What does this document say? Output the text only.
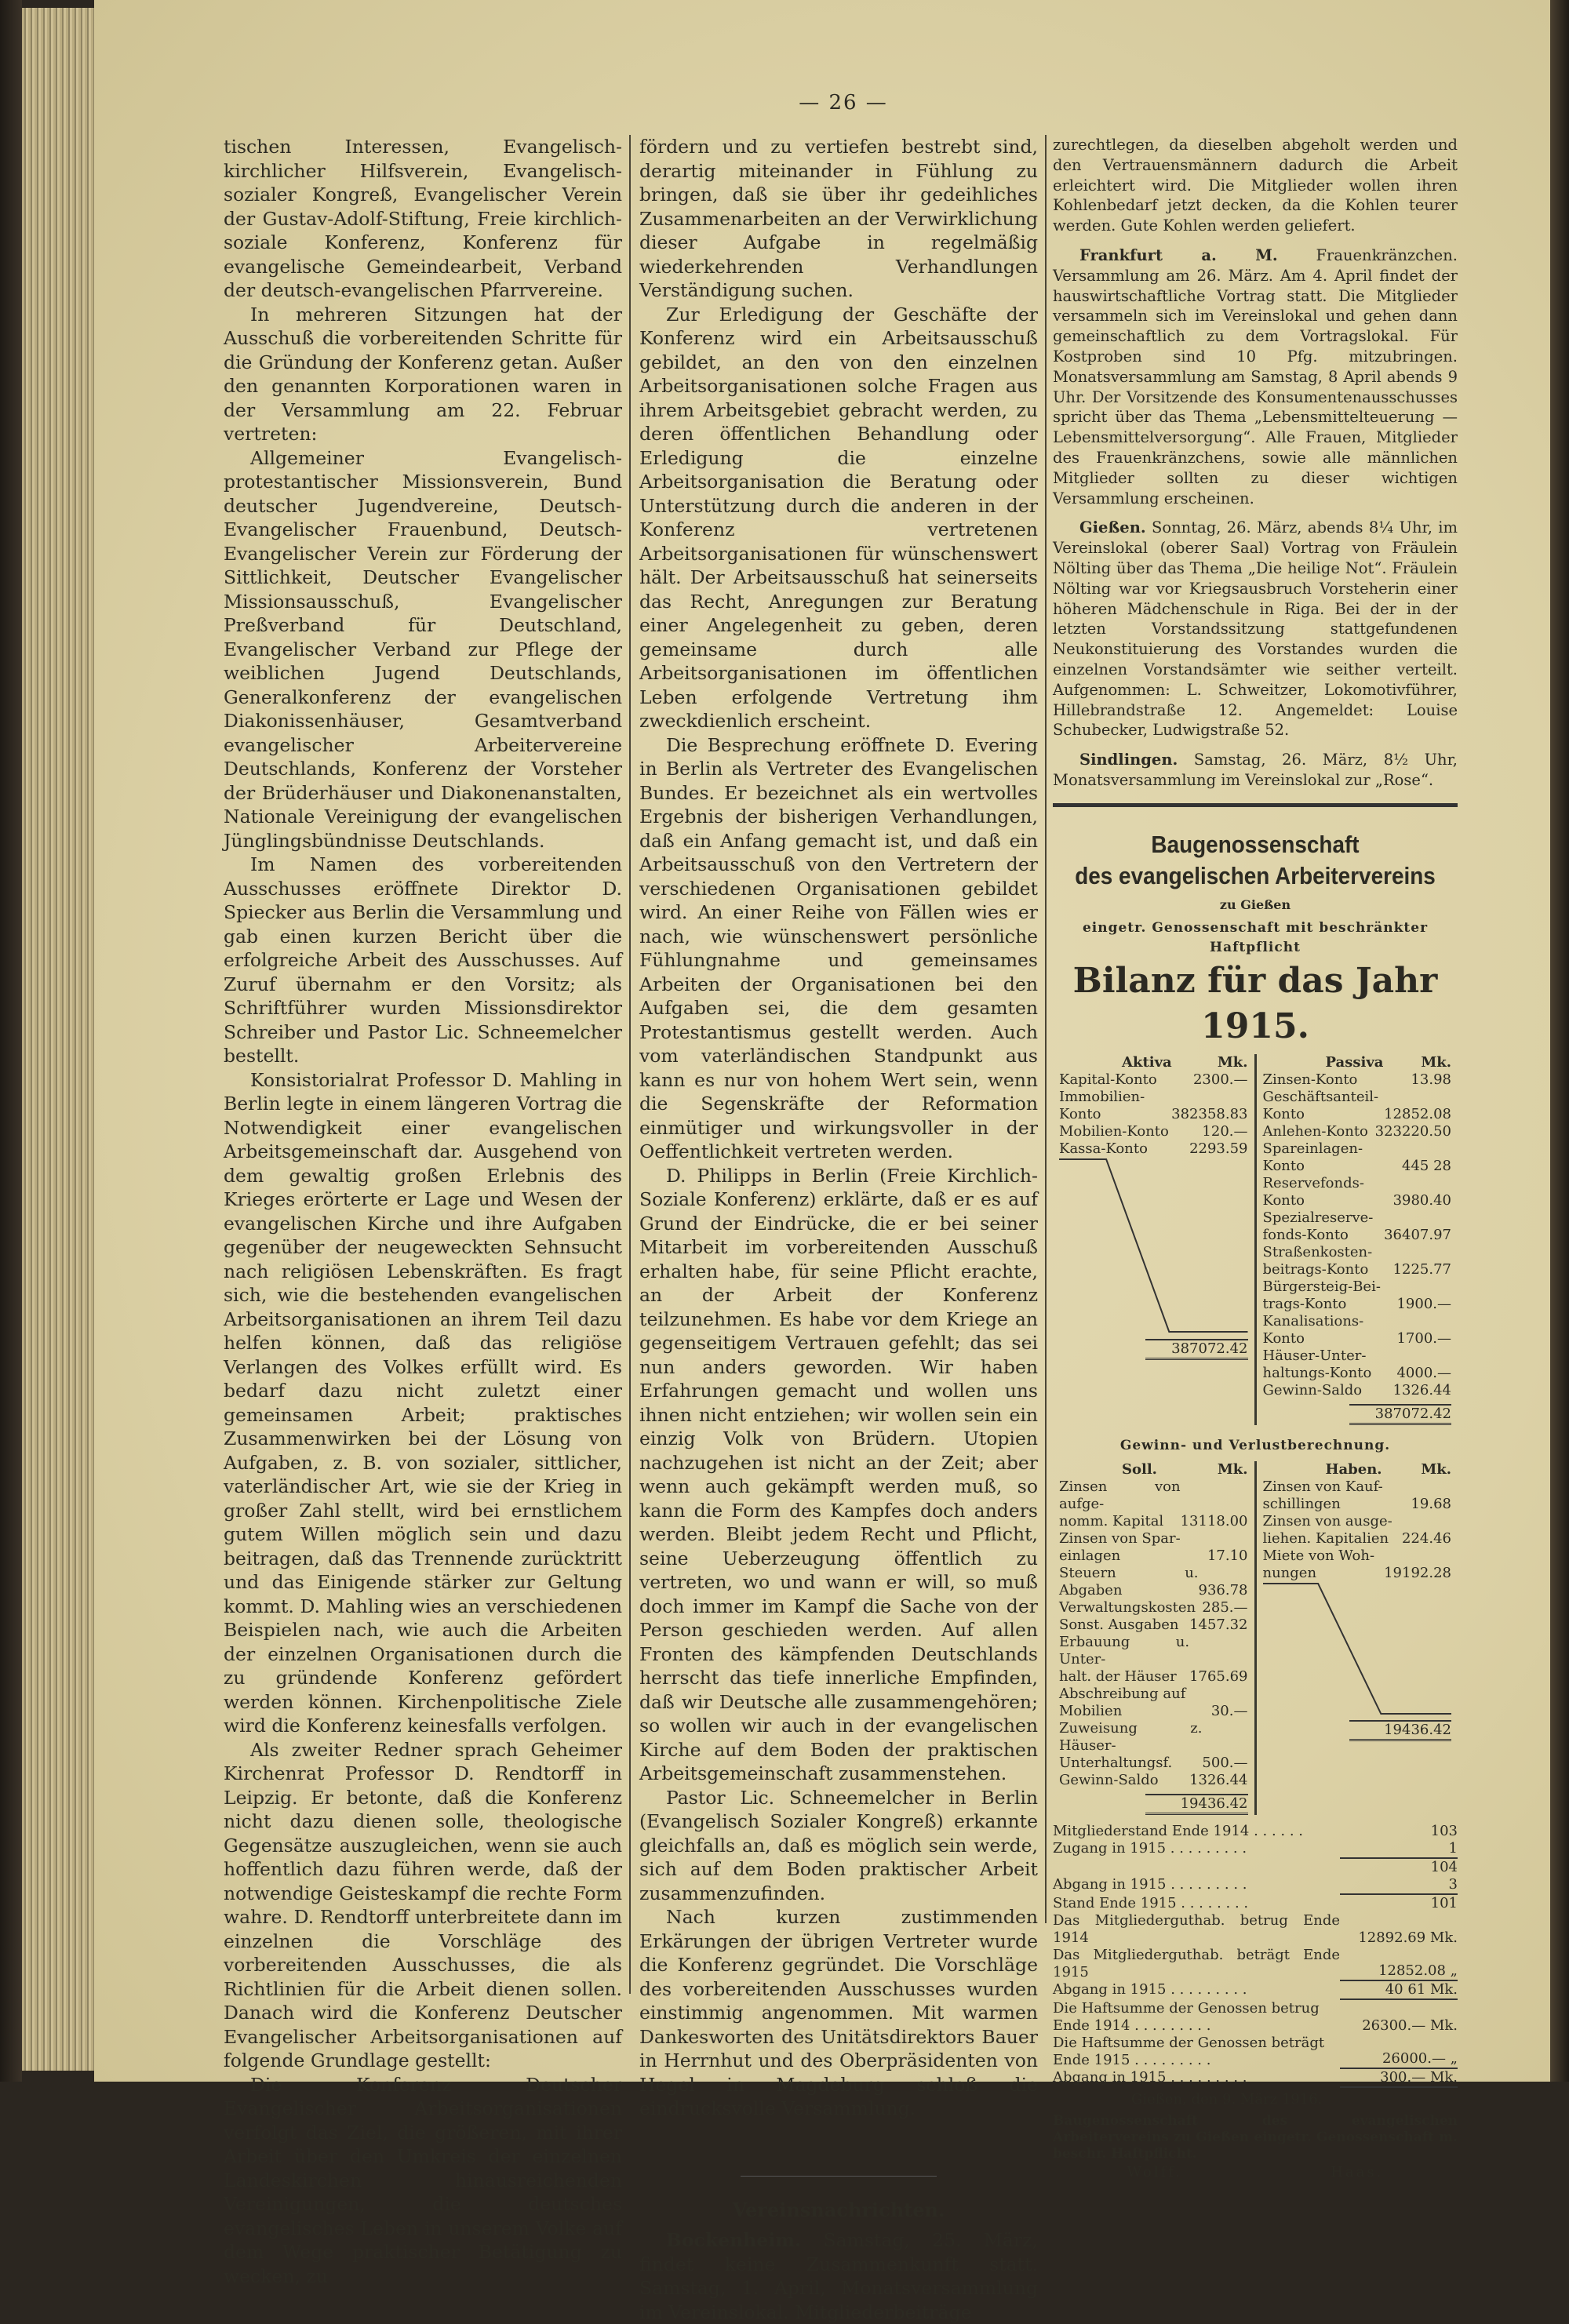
— 26 —

tischen Interessen, Evangelisch-kirchlicher Hilfsverein, Evangelisch-sozialer Kongreß, Evangelischer Verein der Gustav-Adolf-Stiftung, Freie kirchlich-soziale Konferenz, Konferenz für evangelische Gemeindearbeit, Verband der deutsch-evangelischen Pfarrvereine.

In mehreren Sitzungen hat der Ausschuß die vorbereitenden Schritte für die Gründung der Konferenz getan. Außer den genannten Korporationen waren in der Versammlung am 22. Februar vertreten:

Allgemeiner Evangelisch-protestantischer Missionsverein, Bund deutscher Jugendvereine, Deutsch-Evangelischer Frauenbund, Deutsch-Evangelischer Verein zur Förderung der Sittlichkeit, Deutscher Evangelischer Missionsausschuß, Evangelischer Preßverband für Deutschland, Evangelischer Verband zur Pflege der weiblichen Jugend Deutschlands, Generalkonferenz der evangelischen Diakonissenhäuser, Gesamtverband evangelischer Arbeitervereine Deutschlands, Konferenz der Vorsteher der Brüderhäuser und Diakonenanstalten, Nationale Vereinigung der evangelischen Jünglingsbündnisse Deutschlands.

Im Namen des vorbereitenden Ausschusses eröffnete Direktor D. Spiecker aus Berlin die Versammlung und gab einen kurzen Bericht über die erfolgreiche Arbeit des Ausschusses. Auf Zuruf übernahm er den Vorsitz; als Schriftführer wurden Missionsdirektor Schreiber und Pastor Lic. Schneemelcher bestellt.

Konsistorialrat Professor D. Mahling in Berlin legte in einem längeren Vortrag die Notwendigkeit einer evangelischen Arbeitsgemeinschaft dar. Ausgehend von dem gewaltig großen Erlebnis des Krieges erörterte er Lage und Wesen der evangelischen Kirche und ihre Aufgaben gegenüber der neugeweckten Sehnsucht nach religiösen Lebenskräften. Es fragt sich, wie die bestehenden evangelischen Arbeitsorganisationen an ihrem Teil dazu helfen können, daß das religiöse Verlangen des Volkes erfüllt wird. Es bedarf dazu nicht zuletzt einer gemeinsamen Arbeit; praktisches Zusammenwirken bei der Lösung von Aufgaben, z. B. von sozialer, sittlicher, vaterländischer Art, wie sie der Krieg in großer Zahl stellt, wird bei ernstlichem gutem Willen möglich sein und dazu beitragen, daß das Trennende zurücktritt und das Einigende stärker zur Geltung kommt. D. Mahling wies an verschiedenen Beispielen nach, wie auch die Arbeiten der einzelnen Organisationen durch die zu gründende Konferenz gefördert werden können. Kirchenpolitische Ziele wird die Konferenz keinesfalls verfolgen.

Als zweiter Redner sprach Geheimer Kirchenrat Professor D. Rendtorff in Leipzig. Er betonte, daß die Konferenz nicht dazu dienen solle, theologische Gegensätze auszugleichen, wenn sie auch hoffentlich dazu führen werde, daß der notwendige Geisteskampf die rechte Form wahre. D. Rendtorff unterbreitete dann im einzelnen die Vorschläge des vorbereitenden Ausschusses, die als Richtlinien für die Arbeit dienen sollen. Danach wird die Konferenz Deutscher Evangelischer Arbeitsorganisationen auf folgende Grundlage gestellt:

Die Konferenz Deutscher Evangelischer Arbeitsorganisationen verfolgt das Ziel, die größeren, mit ihrer Arbeit über den Umkreis der einzelnen Landeskirchen hinausreichenden Vereinigungen, die deutsches evangelisches Leben in unserem Volke auf dem Wege praktischer Betätigung zu wecken, zu

fördern und zu vertiefen bestrebt sind, derartig miteinander in Fühlung zu bringen, daß sie über ihr gedeihliches Zusammenarbeiten an der Verwirklichung dieser Aufgabe in regelmäßig wiederkehrenden Verhandlungen Verständigung suchen.

Zur Erledigung der Geschäfte der Konferenz wird ein Arbeitsausschuß gebildet, an den von den einzelnen Arbeitsorganisationen solche Fragen aus ihrem Arbeitsgebiet gebracht werden, zu deren öffentlichen Behandlung oder Erledigung die einzelne Arbeitsorganisation die Beratung oder Unterstützung durch die anderen in der Konferenz vertretenen Arbeitsorganisationen für wünschenswert hält. Der Arbeitsausschuß hat seinerseits das Recht, Anregungen zur Beratung einer Angelegenheit zu geben, deren gemeinsame durch alle Arbeitsorganisationen im öffentlichen Leben erfolgende Vertretung ihm zweckdienlich erscheint.

Die Besprechung eröffnete D. Evering in Berlin als Vertreter des Evangelischen Bundes. Er bezeichnet als ein wertvolles Ergebnis der bisherigen Verhandlungen, daß ein Anfang gemacht ist, und daß ein Arbeitsausschuß von den Vertretern der verschiedenen Organisationen gebildet wird. An einer Reihe von Fällen wies er nach, wie wünschenswert persönliche Fühlungnahme und gemeinsames Arbeiten der Organisationen bei den Aufgaben sei, die dem gesamten Protestantismus gestellt werden. Auch vom vaterländischen Standpunkt aus kann es nur von hohem Wert sein, wenn die Segenskräfte der Reformation einmütiger und wirkungsvoller in der Oeffentlichkeit vertreten werden.

D. Philipps in Berlin (Freie Kirchlich-Soziale Konferenz) erklärte, daß er es auf Grund der Eindrücke, die er bei seiner Mitarbeit im vorbereitenden Ausschuß erhalten habe, für seine Pflicht erachte, an der Arbeit der Konferenz teilzunehmen. Es habe vor dem Kriege an gegenseitigem Vertrauen gefehlt; das sei nun anders geworden. Wir haben Erfahrungen gemacht und wollen uns ihnen nicht entziehen; wir wollen sein ein einzig Volk von Brüdern. Utopien nachzugehen ist nicht an der Zeit; aber wenn auch gekämpft werden muß, so kann die Form des Kampfes doch anders werden. Bleibt jedem Recht und Pflicht, seine Ueberzeugung öffentlich zu vertreten, wo und wann er will, so muß doch immer im Kampf die Sache von der Person geschieden werden. Auf allen Fronten des kämpfenden Deutschlands herrscht das tiefe innerliche Empfinden, daß wir Deutsche alle zusammengehören; so wollen wir auch in der evangelischen Kirche auf dem Boden der praktischen Arbeitsgemeinschaft zusammenstehen.

Pastor Lic. Schneemelcher in Berlin (Evangelisch Sozialer Kongreß) erkannte gleichfalls an, daß es möglich sein werde, sich auf dem Boden praktischer Arbeit zusammenzufinden.

Nach kurzen zustimmenden Erkärungen der übrigen Vertreter wurde die Konferenz gegründet. Die Vorschläge des vorbereitenden Ausschusses wurden einstimmig angenommen. Mit warmen Dankesworten des Unitätsdirektors Bauer in Herrnhut und des Oberpräsidenten von Hegel in Magdeburg schloß die eindrucksvolle Versammlung.

Vereinsnachrichten.

Bockenheim. Samstag, 25. März, findet keine Zusammenkunft statt. Samstag, 1. April, Monatsversammlung im Vereinslokal. Mitgliederbeiträge

zurechtlegen, da dieselben abgeholt werden und den Vertrauensmännern dadurch die Arbeit erleichtert wird. Die Mitglieder wollen ihren Kohlenbedarf jetzt decken, da die Kohlen teurer werden. Gute Kohlen werden geliefert.

Frankfurt a. M. Frauenkränzchen. Versammlung am 26. März. Am 4. April findet der hauswirtschaftliche Vortrag statt. Die Mitglieder versammeln sich im Vereinslokal und gehen dann gemeinschaftlich zu dem Vortragslokal. Für Kostproben sind 10 Pfg. mitzubringen. Monatsversammlung am Samstag, 8 April abends 9 Uhr. Der Vorsitzende des Konsumentenausschusses spricht über das Thema „Lebensmittelteuerung — Lebensmittelversorgung“. Alle Frauen, Mitglieder des Frauenkränzchens, sowie alle männlichen Mitglieder sollten zu dieser wichtigen Versammlung erscheinen.

Gießen. Sonntag, 26. März, abends 8¼ Uhr, im Vereinslokal (oberer Saal) Vortrag von Fräulein Nölting über das Thema „Die heilige Not“. Fräulein Nölting war vor Kriegsausbruch Vorsteherin einer höheren Mädchenschule in Riga. Bei der in der letzten Vorstandssitzung stattgefundenen Neukonstituierung des Vorstandes wurden die einzelnen Vorstandsämter wie seither verteilt. Aufgenommen: L. Schweitzer, Lokomotivführer, Hillebrandstraße 12. Angemeldet: Louise Schubecker, Ludwigstraße 52.

Sindlingen. Samstag, 26. März, 8½ Uhr, Monatsversammlung im Vereinslokal zur „Rose“.

Baugenossenschaft
des evangelischen Arbeitervereins
zu Gießen
eingetr. Genossenschaft mit beschränkter Haftpflicht
Bilanz für das Jahr 1915.
Aktiva	Mk.
Kapital-Konto	2300.—
Immobilien-
Konto	382358.83
Mobilien-Konto 120.—
Kassa-Konto	2293.59
387072.42
Passiva	Mk.
Zinsen-Konto	13.98
Geschäftsanteil-
Konto	12852.08
Anlehen-Konto 323220.50
Spareinlagen-
Konto	445 28
Reservefonds-
Konto	3980.40
Spezialreserve-
fonds-Konto	36407.97
Straßenkosten-
beitrags-Konto 1225.77
Bürgersteig-Bei-
trags-Konto	1900.—
Kanalisations-
Konto	1700.—
Häuser-Unter-
haltungs-Konto 4000.—
Gewinn-Saldo 1326.44
387072.42
Gewinn- und Verlustberechnung.
Soll.	Mk.
Zinsen von aufge-
nomm. Kapital	13118.00
Zinsen von Spar-
einlagen	17.10
Steuern u. Abgaben	936.78
Verwaltungskosten 285.—
Sonst. Ausgaben 1457.32
Erbauung u. Unter-
halt. der Häuser 1765.69
Abschreibung auf
Mobilien	30.—
Zuweisung z. Häuser-
Unterhaltungsf.	500.—
Gewinn-Saldo 1326.44
19436.42
Haben.	Mk.
Zinsen von Kauf-
schillingen	19.68
Zinsen von ausge-
liehen. Kapitalien 224.46
Miete von Woh-
nungen	19192.28
19436.42
Mitgliederstand Ende 1914 . . . . . .	103
Zugang in 1915 . . . . . . . . .	1
104
Abgang in 1915 . . . . . . . . .	3
Stand Ende 1915 . . . . . . . .	101
Das Mitgliederguthab. betrug Ende 1914	12892.69 Mk.
Das Mitgliederguthab. beträgt Ende 1915	12852.08 „
Abgang in 1915 . . . . . . . . .	40 61 Mk.
Die Haftsumme der Genossen betrug
Ende 1914 . . . . . . . . .	26300.— Mk.
Die Haftsumme der Genossen beträgt
Ende 1915 . . . . . . . . .	26000.— „
Abgang in 1915 . . . . . . . . .	300.— Mk.
Gießen, den 9. März 1916.
Baugenossenschaft des evangelischen Arbeitervereins zu Gießen eingetr. Genossenschaft m. beschr. Haftpflicht.
Wolff.	Haas.
